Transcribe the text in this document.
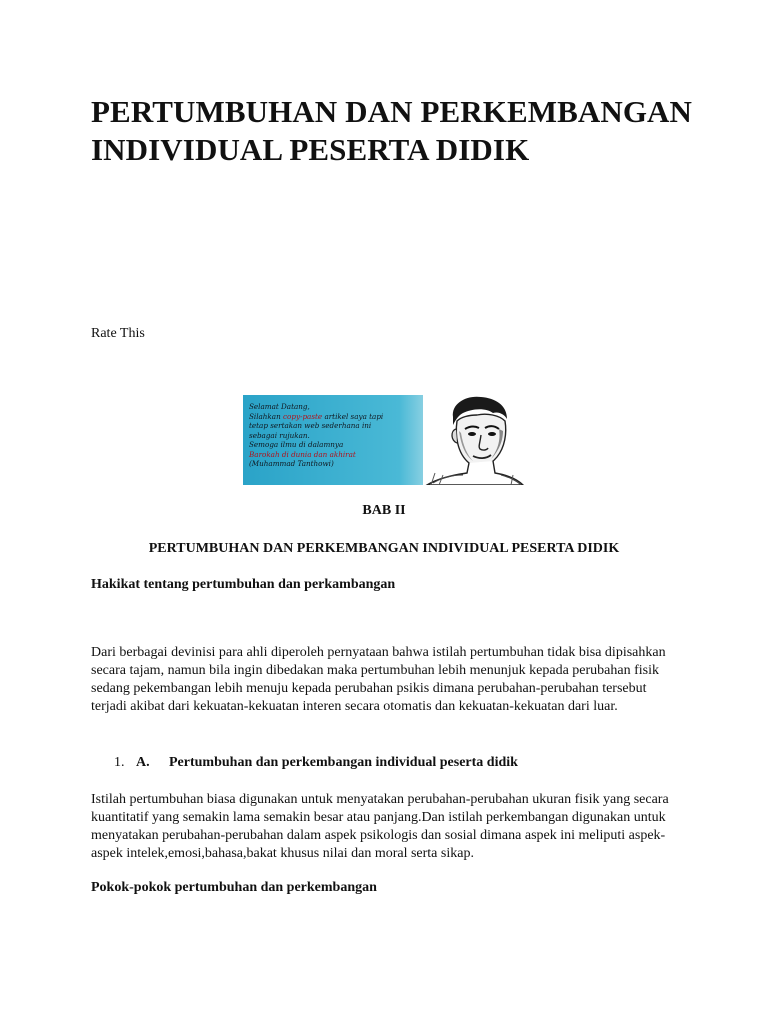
PERTUMBUHAN DAN PERKEMBANGAN INDIVIDUAL PESERTA DIDIK
Rate This
Selamat Datang,
Silahkan copy-paste artikel saya tapi
tetap sertakan web sederhana ini
sebagai rujukan.
Semoga ilmu di dalamnya
Barokah di dunia dan akhirat
(Muhammad Tanthowi)
BAB II
PERTUMBUHAN DAN PERKEMBANGAN INDIVIDUAL PESERTA DIDIK
Hakikat tentang pertumbuhan dan perkambangan

Dari berbagai devinisi para ahli diperoleh pernyataan bahwa istilah pertumbuhan tidak bisa dipisahkan secara tajam, namun bila ingin dibedakan maka pertumbuhan lebih menunjuk kepada perubahan fisik sedang pekembangan lebih menuju kepada perubahan psikis dimana perubahan-perubahan tersebut terjadi akibat dari kekuatan-kekuatan interen secara otomatis dan kekuatan-kekuatan dari luar.

1. A. Pertumbuhan dan perkembangan individual peserta didik

Istilah pertumbuhan biasa digunakan untuk menyatakan perubahan-perubahan ukuran fisik yang secara kuantitatif yang semakin lama semakin besar atau panjang.Dan istilah perkembangan digunakan untuk menyatakan perubahan-perubahan dalam aspek psikologis dan sosial dimana aspek ini meliputi aspek-aspek intelek,emosi,bahasa,bakat khusus nilai dan moral serta sikap.

Pokok-pokok pertumbuhan dan perkembangan
